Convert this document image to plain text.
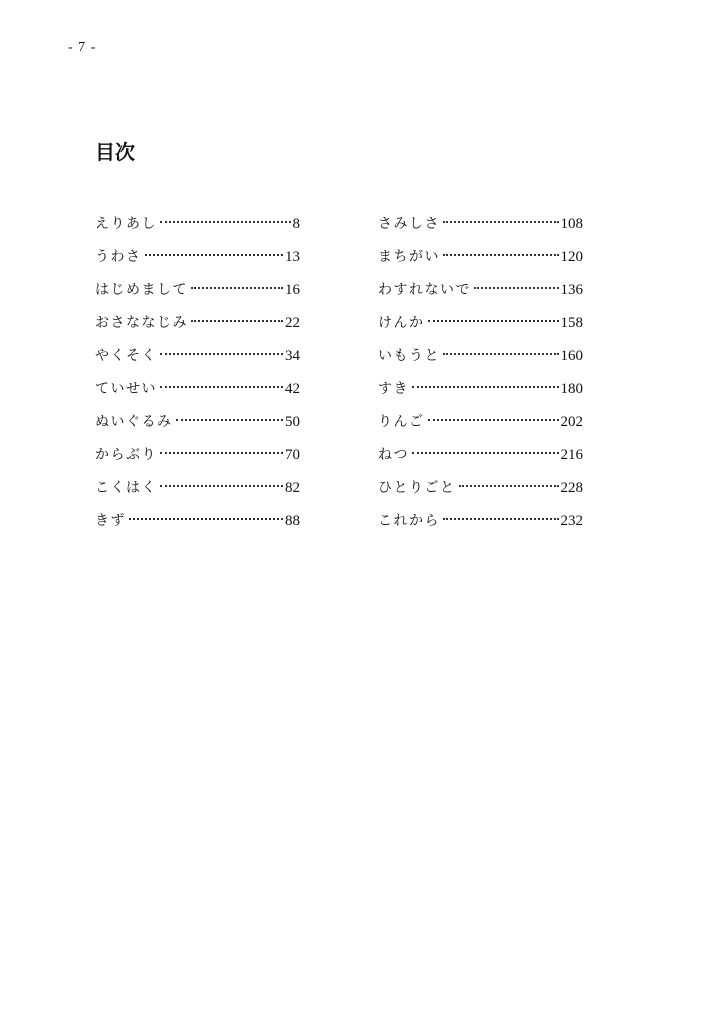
- 7 -
目次
えりあし	8
うわさ	13
はじめまして	16
おさななじみ	22
やくそく	34
ていせい	42
ぬいぐるみ	50
からぶり	70
こくはく	82
きず	88
さみしさ	108
まちがい	120
わすれないで	136
けんか	158
いもうと	160
すき	180
りんご	202
ねつ	216
ひとりごと	228
これから	232
